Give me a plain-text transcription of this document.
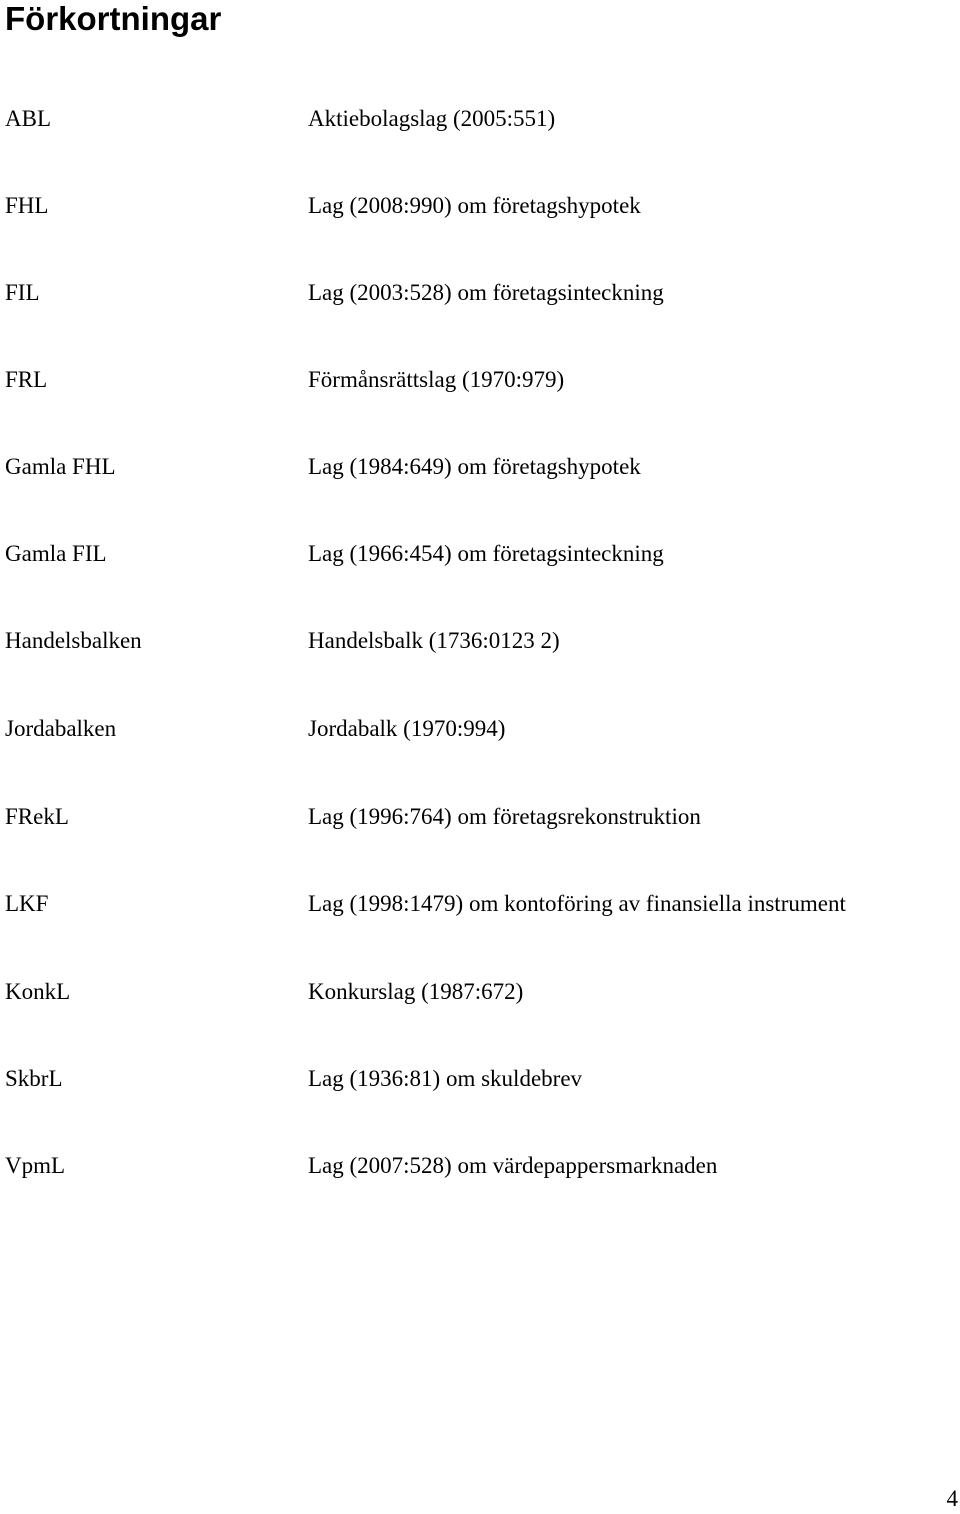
Förkortningar
ABL	Aktiebolagslag (2005:551)
FHL	Lag (2008:990) om företagshypotek
FIL	Lag (2003:528) om företagsinteckning
FRL	Förmånsrättslag (1970:979)
Gamla FHL	Lag (1984:649) om företagshypotek
Gamla FIL	Lag (1966:454) om företagsinteckning
Handelsbalken	Handelsbalk (1736:0123 2)
Jordabalken	Jordabalk (1970:994)
FRekL	Lag (1996:764) om företagsrekonstruktion
LKF	Lag (1998:1479) om kontoföring av finansiella instrument
KonkL	Konkurslag (1987:672)
SkbrL	Lag (1936:81) om skuldebrev
VpmL	Lag (2007:528) om värdepappersmarknaden
4
